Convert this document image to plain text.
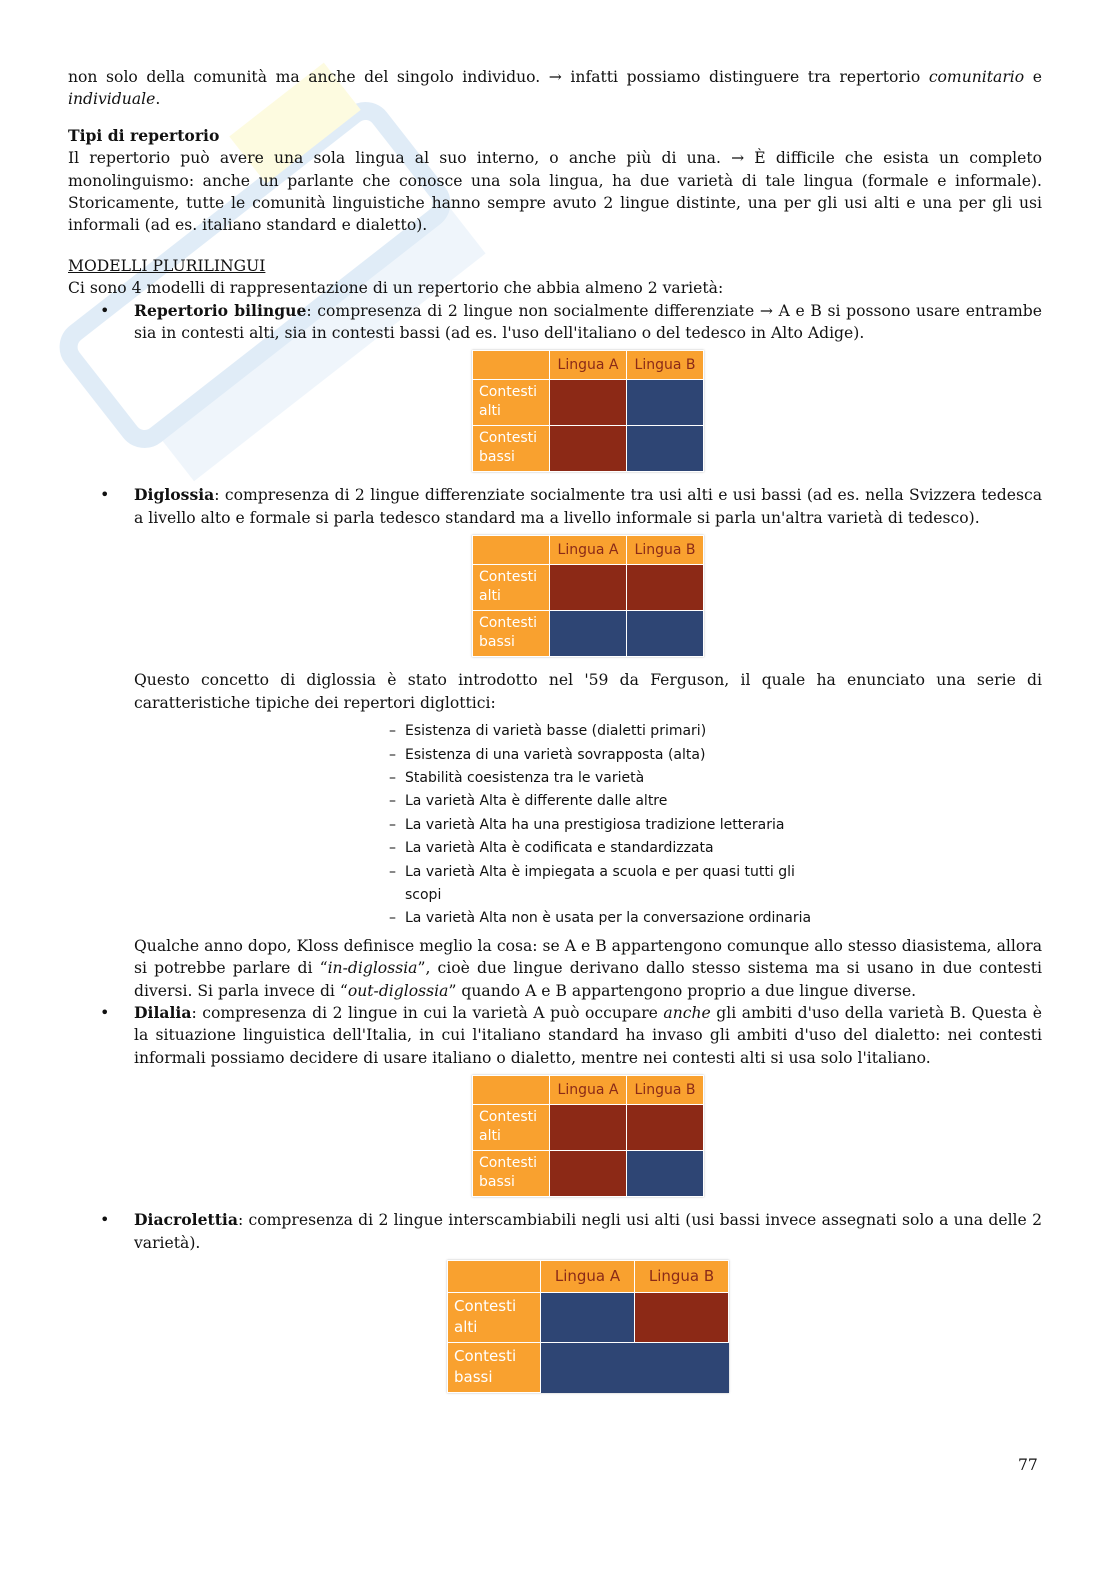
non solo della comunità ma anche del singolo individuo. → infatti possiamo distinguere tra repertorio comunitario e individuale.

Tipi di repertorio

Il repertorio può avere una sola lingua al suo interno, o anche più di una. → È difficile che esista un completo monolinguismo: anche un parlante che conosce una sola lingua, ha due varietà di tale lingua (formale e informale). Storicamente, tutte le comunità linguistiche hanno sempre avuto 2 lingue distinte, una per gli usi alti e una per gli usi informali (ad es. italiano standard e dialetto).

MODELLI PLURILINGUI

Ci sono 4 modelli di rappresentazione di un repertorio che abbia almeno 2 varietà:

• Repertorio bilingue: compresenza di 2 lingue non socialmente differenziate → A e B si possono usare entrambe sia in contesti alti, sia in contesti bassi (ad es. l'uso dell'italiano o del tedesco in Alto Adige).

	Lingua A	Lingua B
Contesti alti		
Contesti bassi		

• Diglossia: compresenza di 2 lingue differenziate socialmente tra usi alti e usi bassi (ad es. nella Svizzera tedesca a livello alto e formale si parla tedesco standard ma a livello informale si parla un'altra varietà di tedesco).

	Lingua A	Lingua B
Contesti alti		
Contesti bassi		

Questo concetto di diglossia è stato introdotto nel '59 da Ferguson, il quale ha enunciato una serie di caratteristiche tipiche dei repertori diglottici:

– Esistenza di varietà basse (dialetti primari)
– Esistenza di una varietà sovrapposta (alta)
– Stabilità coesistenza tra le varietà
– La varietà Alta è differente dalle altre
– La varietà Alta ha una prestigiosa tradizione letteraria
– La varietà Alta è codificata e standardizzata
– La varietà Alta è impiegata a scuola e per quasi tutti gli scopi
– La varietà Alta non è usata per la conversazione ordinaria

Qualche anno dopo, Kloss definisce meglio la cosa: se A e B appartengono comunque allo stesso diasistema, allora si potrebbe parlare di “in-diglossia”, cioè due lingue derivano dallo stesso sistema ma si usano in due contesti diversi. Si parla invece di “out-diglossia” quando A e B appartengono proprio a due lingue diverse.

• Dilalia: compresenza di 2 lingue in cui la varietà A può occupare anche gli ambiti d'uso della varietà B. Questa è la situazione linguistica dell'Italia, in cui l'italiano standard ha invaso gli ambiti d'uso del dialetto: nei contesti informali possiamo decidere di usare italiano o dialetto, mentre nei contesti alti si usa solo l'italiano.

	Lingua A	Lingua B
Contesti alti		
Contesti bassi		

• Diacrolettia: compresenza di 2 lingue interscambiabili negli usi alti (usi bassi invece assegnati solo a una delle 2 varietà).

	Lingua A	Lingua B
Contesti alti		
Contesti bassi		
77
